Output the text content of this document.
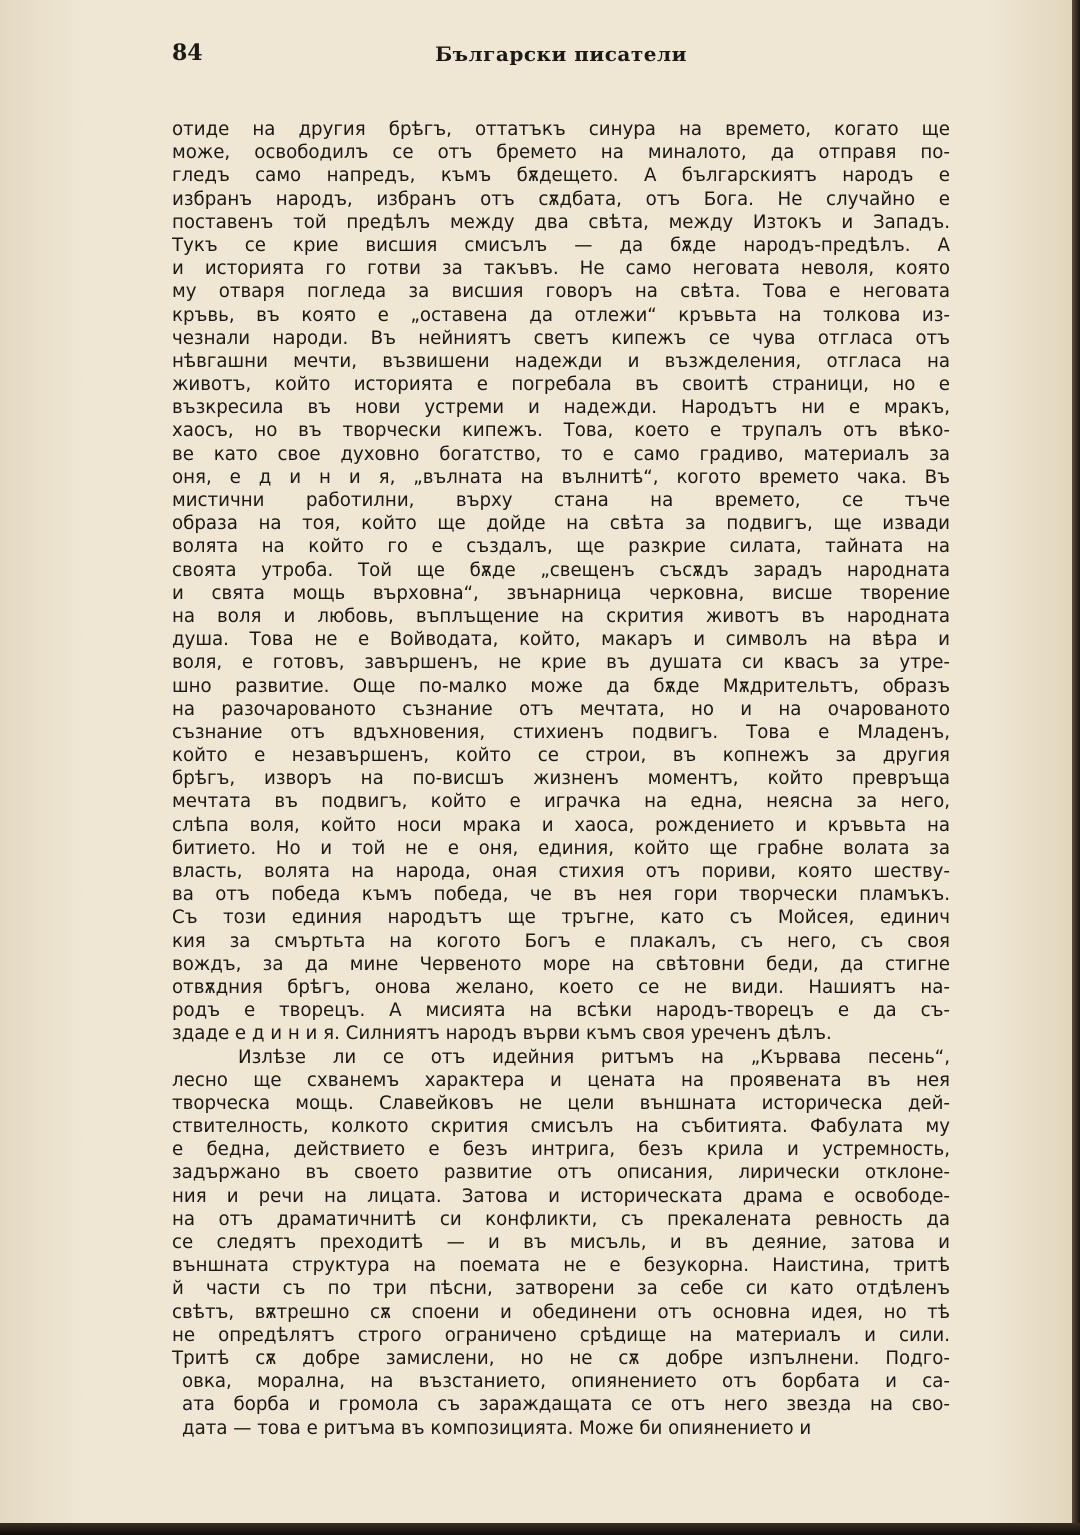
84	Български писатели
отиде на другия брѣгъ, оттатъкъ синура на времето, когато ще
може, освободилъ се отъ бремето на миналото, да отправя по-
гледъ само напредъ, къмъ бѫдещето. А българскиятъ народъ е
избранъ народъ, избранъ отъ сѫдбата, отъ Бога. Не случайно е
поставенъ той предѣлъ между два свѣта, между Изтокъ и Западъ.
Тукъ се крие висшия смисълъ — да бѫде народъ-предѣлъ. А
и историята го готви за такъвъ. Не само неговата неволя, която
му отваря погледа за висшия говоръ на свѣта. Това е неговата
кръвь, въ която е „оставена да отлежи“ кръвьта на толкова из-
чезнали народи. Въ нейниятъ светъ кипежъ се чува отгласа отъ
нѣвгашни мечти, възвишени надежди и възжделения, отгласа на
животъ, който историята е погребала въ своитѣ страници, но е
възкресила въ нови устреми и надежди. Народътъ ни е мракъ,
хаосъ, но въ творчески кипежъ. Това, което е трупалъ отъ вѣко-
ве като свое духовно богатство, то е само градиво, материалъ за
оня, е д и н и я, „вълната на вълнитѣ“, когото времето чака. Въ
мистични работилни, върху стана на времето, се тъче
образа на тоя, който ще дойде на свѣта за подвигъ, ще извади
волята на който го е създалъ, ще разкрие силата, тайната на
своята утроба. Той ще бѫде „свещенъ съсѫдъ зарадъ народната
и свята мощь върховна“, звънарница черковна, висше творение
на воля и любовь, въплъщение на скрития животъ въ народната
душа. Това не е Войводата, който, макаръ и символъ на вѣра и
воля, е готовъ, завършенъ, не крие въ душата си квасъ за утре-
шно развитие. Още по-малко може да бѫде Мѫдрительтъ, образъ
на разочарованото съзнание отъ мечтата, но и на очарованото
съзнание отъ вдъхновения, стихиенъ подвигъ. Това е Младенъ,
който е незавършенъ, който се строи, въ копнежъ за другия
брѣгъ, изворъ на по-висшъ жизненъ моментъ, който превръща
мечтата въ подвигъ, който е играчка на една, неясна за него,
слѣпа воля, който носи мрака и хаоса, рождението и кръвьта на
битието. Но и той не е оня, единия, който ще грабне волата за
власть, волята на народа, оная стихия отъ пориви, която шеству-
ва отъ победа къмъ победа, че въ нея гори творчески пламъкъ.
Съ този единия народътъ ще тръгне, като съ Мойсея, единич
кия за смъртьта на когото Богъ е плакалъ, съ него, съ своя
вождъ, за да мине Червеното море на свѣтовни беди, да стигне
отвѫдния брѣгъ, онова желано, което се не види. Нашиятъ на-
родъ е творецъ. А мисията на всѣки народъ-творецъ е да съ-
здаде е д и н и я. Силниятъ народъ върви къмъ своя уреченъ дѣлъ.
Излѣзе ли се отъ идейния ритъмъ на „Кървава песень“,
лесно ще схванемъ характера и цената на проявената въ нея
творческа мощь. Славейковъ не цели външната историческа дей-
ствителность, колкото скрития смисълъ на събитията. Фабулата му
е бедна, действието е безъ интрига, безъ крила и устремность,
задържано въ своето развитие отъ описания, лирически отклоне-
ния и речи на лицата. Затова и историческата драма е освободе-
на отъ драматичнитѣ си конфликти, съ прекалената ревность да
се следятъ преходитѣ — и въ мисъль, и въ деяние, затова и
външната структура на поемата не е безукорна. Наистина, тритѣ
й части съ по три пѣсни, затворени за себе си като отдѣленъ
свѣтъ, вѫтрешно сѫ споени и обединени отъ основна идея, но тѣ
не опредѣлятъ строго ограничено срѣдище на материалъ и сили.
Тритѣ сѫ добре замислени, но не сѫ добре изпълнени. Подго-
овка, морална, на възстанието, опиянението отъ борбата и са-
ата борба и громола съ зараждащата се отъ него звезда на сво-
дата — това е ритъма въ композицията. Може би опиянението и
